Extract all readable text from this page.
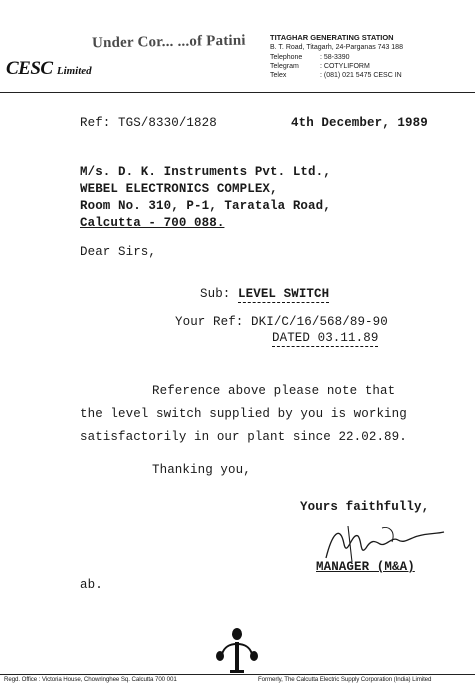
Under Cor... ...of Patini
CESC Limited
TITAGHAR GENERATING STATION
B. T. Road, Titagarh, 24-Parganas 743 188
Telephone	: 58-3390
Telegram	: COTYLIFORM
Telex	: (081) 021 5475 CESC IN
Ref: TGS/8330/1828	4th December, 1989
M/s. D. K. Instruments Pvt. Ltd.,
WEBEL ELECTRONICS COMPLEX,
Room No. 310, P-1, Taratala Road,
Calcutta - 700 088.
Dear Sirs,
Sub: LEVEL SWITCH
Your Ref: DKI/C/16/568/89-90
DATED 03.11.89
Reference above please note that
the level switch supplied by you is working
satisfactorily in our plant since 22.02.89.
Thanking you,
Yours faithfully,
MANAGER (M&A)
ab.
Regd. Office : Victoria House, Chowringhee Sq. Calcutta 700 001	Formerly, The Calcutta Electric Supply Corporation (India) Limited
